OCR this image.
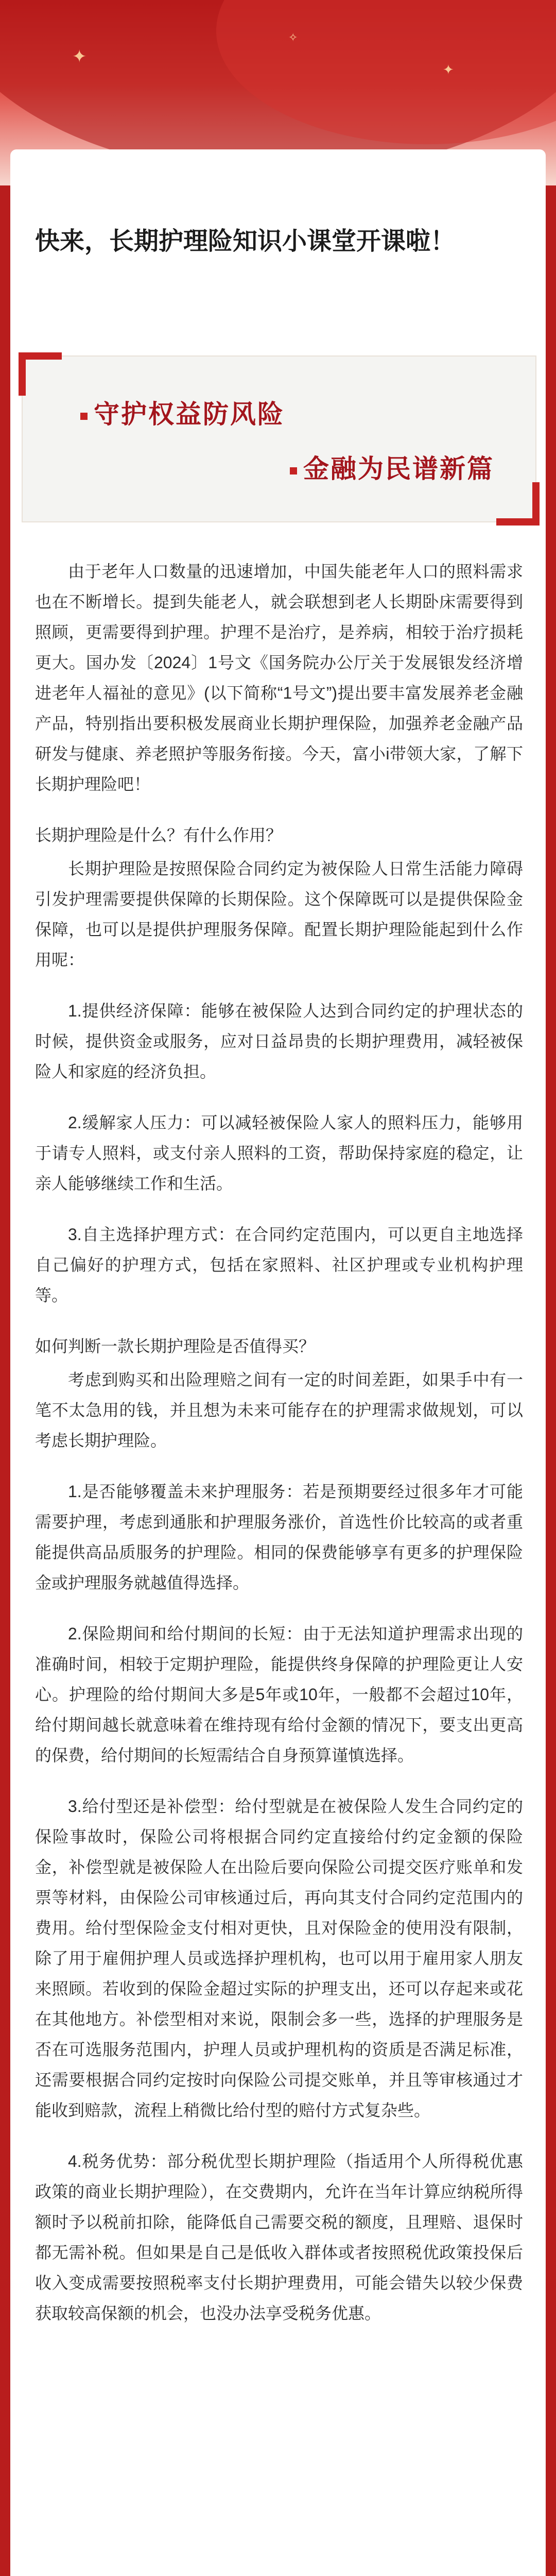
✦
✦
✧
快来，长期护理险知识小课堂开课啦！
守护权益防风险
金融为民谱新篇

由于老年人口数量的迅速增加，中国失能老年人口的照料需求也在不断增长。提到失能老人，就会联想到老人长期卧床需要得到照顾，更需要得到护理。护理不是治疗，是养病，相较于治疗损耗更大。国办发〔2024〕1号文《国务院办公厅关于发展银发经济增进老年人福祉的意见》(以下简称“1号文”)提出要丰富发展养老金融产品，特别指出要积极发展商业长期护理保险，加强养老金融产品研发与健康、养老照护等服务衔接。今天，富小i带领大家，了解下长期护理险吧！

长期护理险是什么？有什么作用？

长期护理险是按照保险合同约定为被保险人日常生活能力障碍引发护理需要提供保障的长期保险。这个保障既可以是提供保险金保障，也可以是提供护理服务保障。配置长期护理险能起到什么作用呢：

1.提供经济保障：能够在被保险人达到合同约定的护理状态的时候，提供资金或服务，应对日益昂贵的长期护理费用，减轻被保险人和家庭的经济负担。

2.缓解家人压力：可以减轻被保险人家人的照料压力，能够用于请专人照料，或支付亲人照料的工资，帮助保持家庭的稳定，让亲人能够继续工作和生活。

3.自主选择护理方式：在合同约定范围内，可以更自主地选择自己偏好的护理方式，包括在家照料、社区护理或专业机构护理等。

如何判断一款长期护理险是否值得买？

考虑到购买和出险理赔之间有一定的时间差距，如果手中有一笔不太急用的钱，并且想为未来可能存在的护理需求做规划，可以考虑长期护理险。

1.是否能够覆盖未来护理服务：若是预期要经过很多年才可能需要护理，考虑到通胀和护理服务涨价，首选性价比较高的或者重能提供高品质服务的护理险。相同的保费能够享有更多的护理保险金或护理服务就越值得选择。

2.保险期间和给付期间的长短：由于无法知道护理需求出现的准确时间，相较于定期护理险，能提供终身保障的护理险更让人安心。护理险的给付期间大多是5年或10年，一般都不会超过10年，给付期间越长就意味着在维持现有给付金额的情况下，要支出更高的保费，给付期间的长短需结合自身预算谨慎选择。

3.给付型还是补偿型：给付型就是在被保险人发生合同约定的保险事故时，保险公司将根据合同约定直接给付约定金额的保险金，补偿型就是被保险人在出险后要向保险公司提交医疗账单和发票等材料，由保险公司审核通过后，再向其支付合同约定范围内的费用。给付型保险金支付相对更快，且对保险金的使用没有限制，除了用于雇佣护理人员或选择护理机构，也可以用于雇用家人朋友来照顾。若收到的保险金超过实际的护理支出，还可以存起来或花在其他地方。补偿型相对来说，限制会多一些，选择的护理服务是否在可选服务范围内，护理人员或护理机构的资质是否满足标准，还需要根据合同约定按时向保险公司提交账单，并且等审核通过才能收到赔款，流程上稍微比给付型的赔付方式复杂些。

4.税务优势：部分税优型长期护理险（指适用个人所得税优惠政策的商业长期护理险），在交费期内，允许在当年计算应纳税所得额时予以税前扣除，能降低自己需要交税的额度，且理赔、退保时都无需补税。但如果是自己是低收入群体或者按照税优政策投保后收入变成需要按照税率支付长期护理费用，可能会错失以较少保费获取较高保额的机会，也没办法享受税务优惠。
